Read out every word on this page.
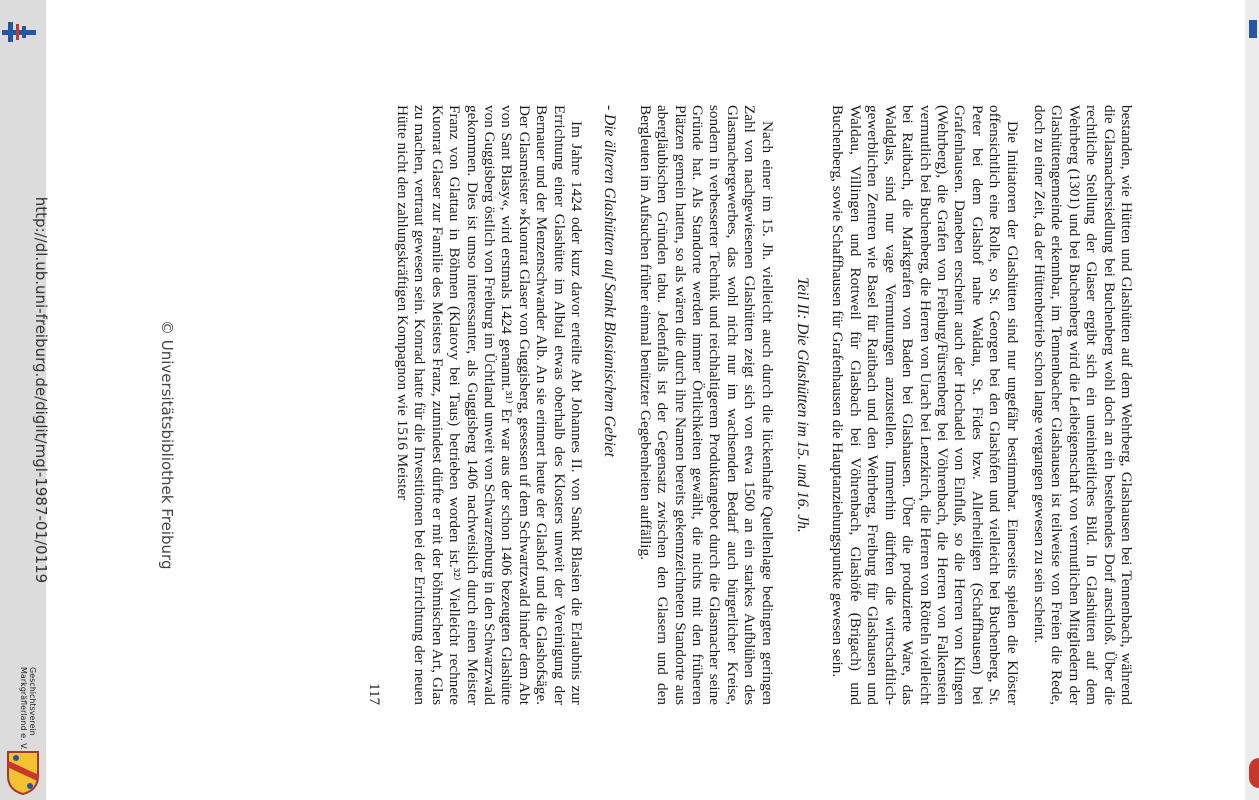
http://dl.ub.uni-freiburg.de/diglit/mgl-1987-01/0119	© Universitätsbibliothek Freiburg
Geschichtsverein
Markgräflerland e. V.

bestanden, wie Hütten und Glashütten auf dem Wehrberg, Glashausen bei Tennenbach, während die Glasmachersiedlung bei Buchenberg wohl doch an ein bestehendes Dorf anschloß. Über die rechtliche Stellung der Glaser ergibt sich ein uneinheitliches Bild. In Glashütten auf dem Wehrberg (1301) und bei Buchenberg wird die Leibeigenschaft von vermutlichen Mitgliedern der Glashüttengemeinde erkennbar, im Tennenbacher Glashausen ist teilweise von Freien die Rede, doch zu einer Zeit, da der Hüttenbetrieb schon lange vergangen gewesen zu sein scheint.

Die Initiatoren der Glashütten sind nur ungefähr bestimmbar. Einerseits spielen die Klöster offensichtlich eine Rolle, so St. Georgen bei den Glashöfen und vielleicht bei Buchenberg, St. Peter bei dem Glashof nahe Waldau, St. Fides bzw. Allerheiligen (Schaffhausen) bei Grafenhausen. Daneben erscheint auch der Hochadel von Einfluß, so die Herren von Klingen (Wehrberg), die Grafen von Freiburg/Fürstenberg bei Vöhrenbach, die Herren von Falkenstein vermutlich bei Buchenberg, die Herren von Urach bei Lenzkirch, die Herren von Rötteln vielleicht bei Raitbach, die Markgrafen von Baden bei Glashausen. Über die produzierte Ware, das Waldglas, sind nur vage Vermutungen anzustellen. Immerhin dürften die wirtschaftlich-gewerblichen Zentren wie Basel für Raitbach und den Wehrberg, Freiburg für Glashausen und Waldau, Villingen und Rottweil für Glasbach bei Vöhrenbach, Glashöfe (Brigach) und Buchenberg, sowie Schaffhausen für Grafenhausen die Hauptanziehungspunkte gewesen sein.

Teil II: Die Glashütten im 15. und 16. Jh.

Nach einer im 15. Jh. vielleicht auch durch die lückenhafte Quellenlage bedingten geringen Zahl von nachgewiesenen Glashütten zeigt sich von etwa 1500 an ein starkes Aufblühen des Glasmachergewerbes, das wohl nicht nur im wachsenden Bedarf auch bürgerlicher Kreise, sondern in verbesserter Technik und reichhaltigerem Produktangebot durch die Glasmacher seine Gründe hat. Als Standorte werden immer Örtlichkeiten gewählt, die nichts mit den früheren Plätzen gemein hatten, so als wären die durch ihre Namen bereits gekennzeichneten Standorte aus abergläubischen Gründen tabu. Jedenfalls ist der Gegensatz zwischen den Glasern und den Bergleuten im Aufsuchen früher einmal benützter Gegebenheiten auffällig.

- Die älteren Glashütten auf Sankt Blasianischem Gebiet

Im Jahre 1424 oder kurz davor erteilte Abt Johannes II. von Sankt Blasien die Erlaubnis zur Errichtung einer Glashütte im Albtal etwas oberhalb des Klosters unweit der Vereinigung der Bernauer und der Menzenschwander Alb. An sie erinnert heute der Glashof und die Glashofsäge. Der Glasmeister »Kuonrat Glaser von Guggisberg, gesessen uf dem Schwartzwald hinder dem Abt von Sant Blasy«, wird erstmals 1424 genannt.³¹⁾ Er war aus der schon 1406 bezeugten Glashütte von Guggisberg östlich von Freiburg im Üchtland unweit von Schwarzenburg in den Schwarzwald gekommen. Dies ist umso interessanter, als Guggisberg 1406 nachweislich durch einen Meister Franz von Glattau in Böhmen (Klatovy bei Taus) betrieben worden ist.³²⁾ Vielleicht rechnete Kuonrat Glaser zur Familie des Meisters Franz, zumindest dürfte er mit der böhmischen Art, Glas zu machen, vertraut gewesen sein. Konrad hatte für die Investitionen bei der Errichtung der neuen Hütte nicht den zahlungskräftigen Kompagnon wie 1516 Meister

117
